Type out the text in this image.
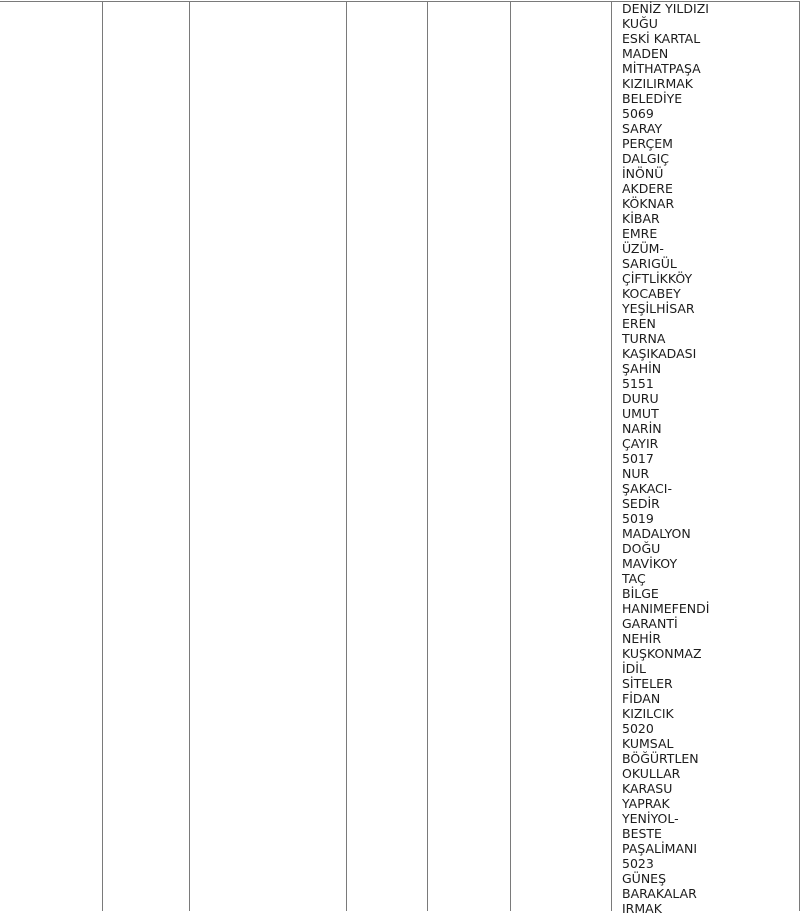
DENİZ YILDIZI
KUĞU
ESKİ KARTAL
MADEN
MİTHATPAŞA
KIZILIRMAK
BELEDİYE
5069
SARAY
PERÇEM
DALGIÇ
İNÖNÜ
AKDERE
KÖKNAR
KİBAR
EMRE
ÜZÜM-
SARIGÜL
ÇİFTLİKKÖY
KOCABEY
YEŞİLHİSAR
EREN
TURNA
KAŞIKADASI
ŞAHİN
5151
DURU
UMUT
NARİN
ÇAYIR
5017
NUR
ŞAKACI-
SEDİR
5019
MADALYON
DOĞU
MAVİKOY
TAÇ
BİLGE
HANIMEFENDİ
GARANTİ
NEHİR
KUŞKONMAZ
İDİL
SİTELER
FİDAN
KIZILCIK
5020
KUMSAL
BÖĞÜRTLEN
OKULLAR
KARASU
YAPRAK
YENİYOL-
BESTE
PAŞALİMANI
5023
GÜNEŞ
BARAKALAR
IRMAK
